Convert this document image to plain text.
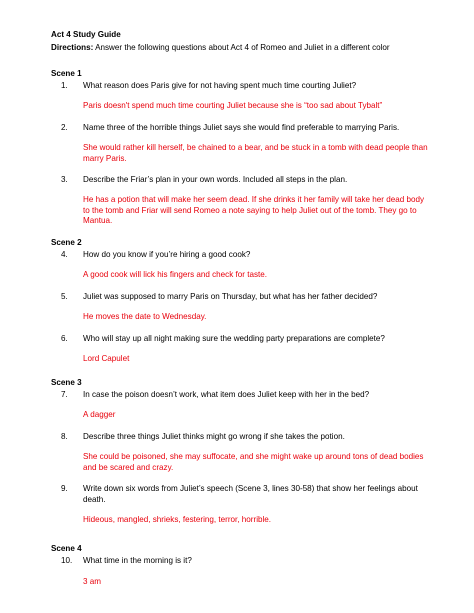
Act 4 Study Guide
Directions: Answer the following questions about Act 4 of Romeo and Juliet in a different color
Scene 1
1.	What reason does Paris give for not having spent much time courting Juliet?
Paris doesn't spend much time courting Juliet because she is “too sad about Tybalt”
2.	Name three of the horrible things Juliet says she would find preferable to marrying Paris.
She would rather kill herself, be chained to a bear, and be stuck in a tomb with dead people than marry Paris.
3.	Describe the Friar’s plan in your own words. Included all steps in the plan.
He has a potion that will make her seem dead. If she drinks it her family will take her dead body to the tomb and Friar will send Romeo a note saying to help Juliet out of the tomb. They go to Mantua.
Scene 2
4.	How do you know if you’re hiring a good cook?
A good cook will lick his fingers and check for taste.
5.	Juliet was supposed to marry Paris on Thursday, but what has her father decided?
He moves the date to Wednesday.
6.	Who will stay up all night making sure the wedding party preparations are complete?
Lord Capulet
Scene 3
7.	In case the poison doesn’t work, what item does Juliet keep with her in the bed?
A dagger
8.	Describe three things Juliet thinks might go wrong if she takes the potion.
She could be poisoned, she may suffocate, and she might wake up around tons of dead bodies and be scared and crazy.
9.	Write down six words from Juliet’s speech (Scene 3, lines 30-58) that show her feelings about death.
Hideous, mangled, shrieks, festering, terror, horrible.
Scene 4
10.	What time in the morning is it?
3 am
